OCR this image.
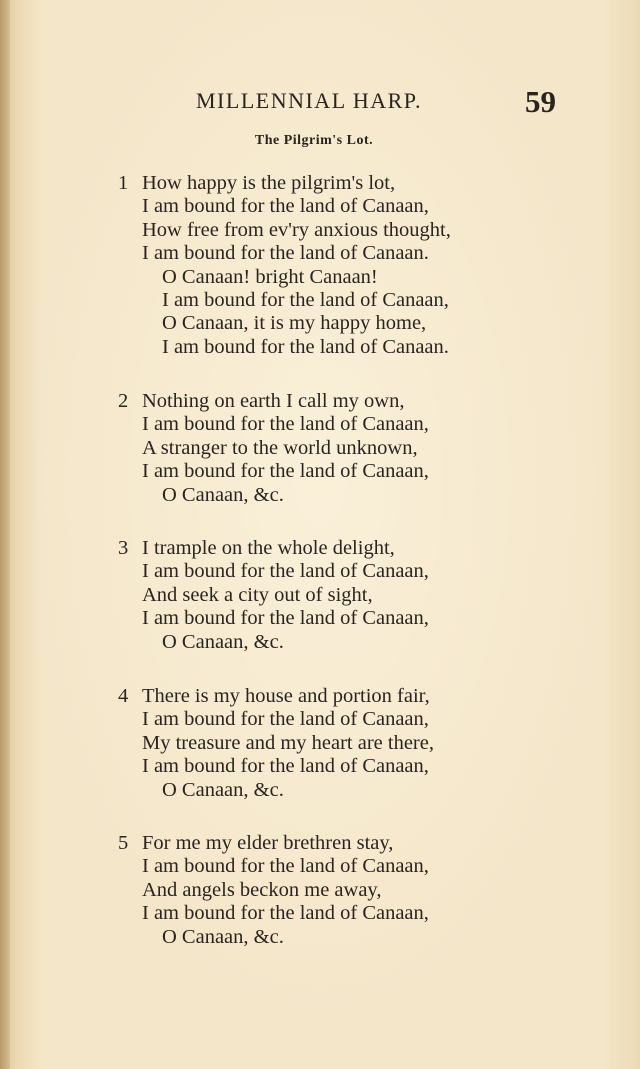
MILLENNIAL HARP.	59
The Pilgrim's Lot.
1 How happy is the pilgrim's lot,
I am bound for the land of Canaan,
How free from ev'ry anxious thought,
I am bound for the land of Canaan.
O Canaan! bright Canaan!
I am bound for the land of Canaan,
O Canaan, it is my happy home,
I am bound for the land of Canaan.
2 Nothing on earth I call my own,
I am bound for the land of Canaan,
A stranger to the world unknown,
I am bound for the land of Canaan,
O Canaan, &c.
3 I trample on the whole delight,
I am bound for the land of Canaan,
And seek a city out of sight,
I am bound for the land of Canaan,
O Canaan, &c.
4 There is my house and portion fair,
I am bound for the land of Canaan,
My treasure and my heart are there,
I am bound for the land of Canaan,
O Canaan, &c.
5 For me my elder brethren stay,
I am bound for the land of Canaan,
And angels beckon me away,
I am bound for the land of Canaan,
O Canaan, &c.
